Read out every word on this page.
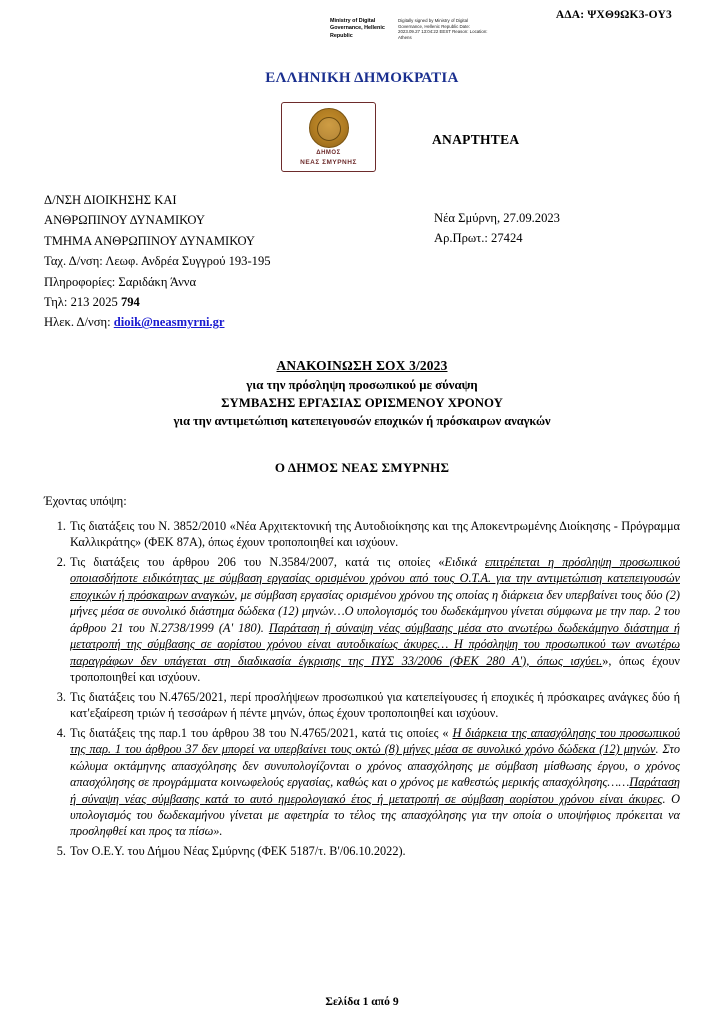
ΑΔΑ: ΨΧΘ9ΩΚ3-ΟΥ3
Ministry of Digital Governance, Hellenic Republic
Digitally signed by Ministry of Digital Governance, Hellenic Republic Date: 2023.09.27 13:04:22 EEST Reason: Location: Athens
ΕΛΛΗΝΙΚΗ ΔΗΜΟΚΡΑΤΙΑ
ΔΗΜΟΣ
ΝΕΑΣ ΣΜΥΡΝΗΣ
ΑΝΑΡΤΗΤΕΑ
Δ/ΝΣΗ ΔΙΟΙΚΗΣΗΣ ΚΑΙ
ΑΝΘΡΩΠΙΝΟΥ ΔΥΝΑΜΙΚΟΥ
ΤΜΗΜΑ ΑΝΘΡΩΠΙΝΟΥ ΔΥΝΑΜΙΚΟΥ
Ταχ. Δ/νση: Λεωφ. Ανδρέα Συγγρού 193-195
Πληροφορίες: Σαριδάκη Άννα
Τηλ: 213 2025 794
Ηλεκ. Δ/νση: dioik@neasmyrni.gr
Νέα Σμύρνη, 27.09.2023
Αρ.Πρωτ.: 27424
ΑΝΑΚΟΙΝΩΣΗ ΣΟΧ 3/2023
για την πρόσληψη προσωπικού με σύναψη
ΣΥΜΒΑΣΗΣ ΕΡΓΑΣΙΑΣ ΟΡΙΣΜΕΝΟΥ ΧΡΟΝΟΥ
για την αντιμετώπιση κατεπειγουσών εποχικών ή πρόσκαιρων αναγκών
Ο ΔΗΜΟΣ ΝΕΑΣ ΣΜΥΡΝΗΣ
Έχοντας υπόψη:
1. Τις διατάξεις του Ν. 3852/2010 «Νέα Αρχιτεκτονική της Αυτοδιοίκησης και της Αποκεντρωμένης Διοίκησης - Πρόγραμμα Καλλικράτης» (ΦΕΚ 87Α), όπως έχουν τροποποιηθεί και ισχύουν.
2. Τις διατάξεις του άρθρου 206 του Ν.3584/2007, κατά τις οποίες «Ειδικά επιτρέπεται η πρόσληψη προσωπικού οποιασδήποτε ειδικότητας με σύμβαση εργασίας ορισμένου χρόνου από τους Ο.Τ.Α. για την αντιμετώπιση κατεπειγουσών εποχικών ή πρόσκαιρων αναγκών, με σύμβαση εργασίας ορισμένου χρόνου της οποίας η διάρκεια δεν υπερβαίνει τους δύο (2) μήνες μέσα σε συνολικό διάστημα δώδεκα (12) μηνών…Ο υπολογισμός του δωδεκάμηνου γίνεται σύμφωνα με την παρ. 2 του άρθρου 21 του Ν.2738/1999 (Α' 180). Παράταση ή σύναψη νέας σύμβασης μέσα στο ανωτέρω δωδεκάμηνο διάστημα ή μετατροπή της σύμβασης σε αορίστου χρόνου είναι αυτοδικαίως άκυρες… Η πρόσληψη του προσωπικού των ανωτέρω παραγράφων δεν υπάγεται στη διαδικασία έγκρισης της ΠΥΣ 33/2006 (ΦΕΚ 280 Α'), όπως ισχύει.», όπως έχουν τροποποιηθεί και ισχύουν.
3. Τις διατάξεις του Ν.4765/2021, περί προσλήψεων προσωπικού για κατεπείγουσες ή εποχικές ή πρόσκαιρες ανάγκες δύο ή κατ'εξαίρεση τριών ή τεσσάρων ή πέντε μηνών, όπως έχουν τροποποιηθεί και ισχύουν.
4. Τις διατάξεις της παρ.1 του άρθρου 38 του Ν.4765/2021, κατά τις οποίες « Η διάρκεια της απασχόλησης του προσωπικού της παρ. 1 του άρθρου 37 δεν μπορεί να υπερβαίνει τους οκτώ (8) μήνες μέσα σε συνολικό χρόνο δώδεκα (12) μηνών. Στο κώλυμα οκτάμηνης απασχόλησης δεν συνυπολογίζονται ο χρόνος απασχόλησης με σύμβαση μίσθωσης έργου, ο χρόνος απασχόλησης σε προγράμματα κοινωφελούς εργασίας, καθώς και ο χρόνος με καθεστώς μερικής απασχόλησης……Παράταση ή σύναψη νέας σύμβασης κατά το αυτό ημερολογιακό έτος ή μετατροπή σε σύμβαση αορίστου χρόνου είναι άκυρες. Ο υπολογισμός του δωδεκαμήνου γίνεται με αφετηρία το τέλος της απασχόλησης για την οποία ο υποψήφιος πρόκειται να προσληφθεί και προς τα πίσω».
5. Τον Ο.Ε.Υ. του Δήμου Νέας Σμύρνης (ΦΕΚ 5187/τ. Β'/06.10.2022).
Σελίδα 1 από 9
